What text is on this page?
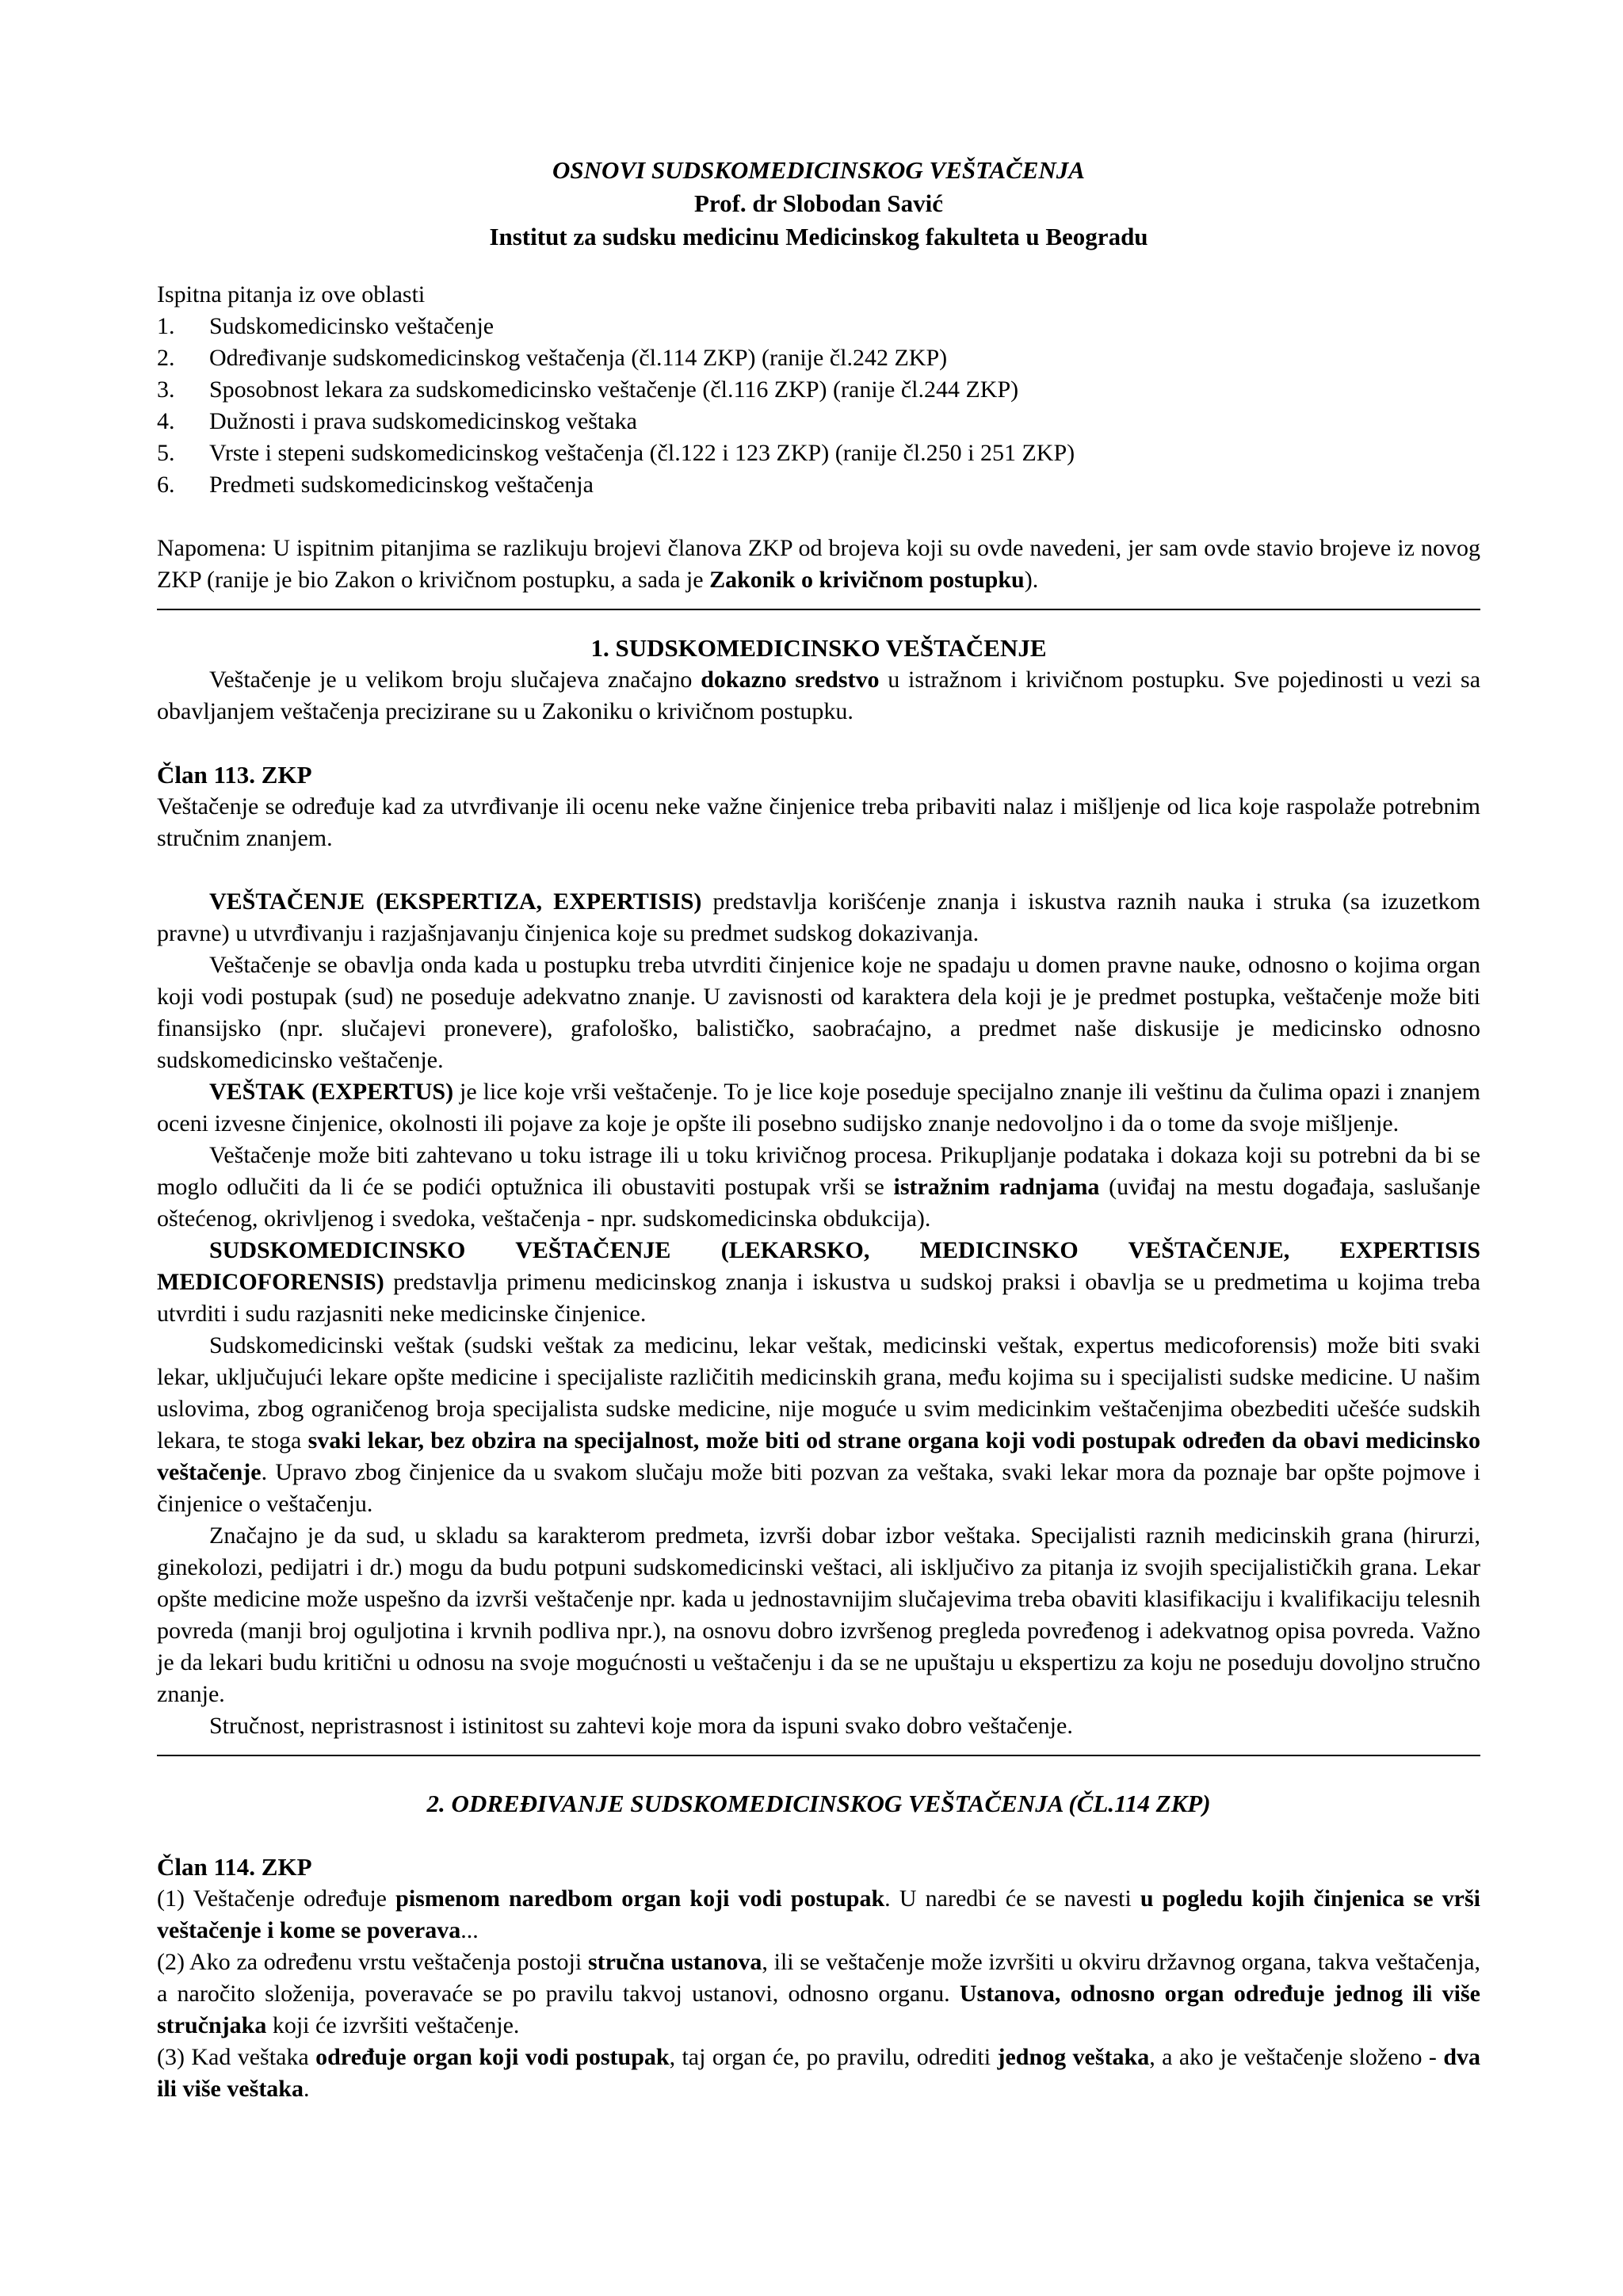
OSNOVI SUDSKOMEDICINSKOG VEŠTAČENJA
Prof. dr Slobodan Savić
Institut za sudsku medicinu Medicinskog fakulteta u Beogradu

Ispitna pitanja iz ove oblasti

1.	Sudskomedicinsko veštačenje
2.	Određivanje sudskomedicinskog veštačenja (čl.114 ZKP) (ranije čl.242 ZKP)
3.	Sposobnost lekara za sudskomedicinsko veštačenje (čl.116 ZKP) (ranije čl.244 ZKP)
4.	Dužnosti i prava sudskomedicinskog veštaka
5.	Vrste i stepeni sudskomedicinskog veštačenja (čl.122 i 123 ZKP) (ranije čl.250 i 251 ZKP)
6.	Predmeti sudskomedicinskog veštačenja

Napomena: U ispitnim pitanjima se razlikuju brojevi članova ZKP od brojeva koji su ovde navedeni, jer sam ovde stavio brojeve iz novog ZKP (ranije je bio Zakon o krivičnom postupku, a sada je Zakonik o krivičnom postupku).

1. SUDSKOMEDICINSKO VEŠTAČENJE

Veštačenje je u velikom broju slučajeva značajno dokazno sredstvo u istražnom i krivičnom postupku. Sve pojedinosti u vezi sa obavljanjem veštačenja precizirane su u Zakoniku o krivičnom postupku.

Član 113. ZKP

Veštačenje se određuje kad za utvrđivanje ili ocenu neke važne činjenice treba pribaviti nalaz i mišljenje od lica koje raspolaže potrebnim stručnim znanjem.

VEŠTAČENJE (EKSPERTIZA, EXPERTISIS) predstavlja korišćenje znanja i iskustva raznih nauka i struka (sa izuzetkom pravne) u utvrđivanju i razjašnjavanju činjenica koje su predmet sudskog dokazivanja.

Veštačenje se obavlja onda kada u postupku treba utvrditi činjenice koje ne spadaju u domen pravne nauke, odnosno o kojima organ koji vodi postupak (sud) ne poseduje adekvatno znanje. U zavisnosti od karaktera dela koji je je predmet postupka, veštačenje može biti finansijsko (npr. slučajevi pronevere), grafološko, balističko, saobraćajno, a predmet naše diskusije je medicinsko odnosno sudskomedicinsko veštačenje.

VEŠTAK (EXPERTUS) je lice koje vrši veštačenje. To je lice koje poseduje specijalno znanje ili veštinu da čulima opazi i znanjem oceni izvesne činjenice, okolnosti ili pojave za koje je opšte ili posebno sudijsko znanje nedovoljno i da o tome da svoje mišljenje.

Veštačenje može biti zahtevano u toku istrage ili u toku krivičnog procesa. Prikupljanje podataka i dokaza koji su potrebni da bi se moglo odlučiti da li će se podići optužnica ili obustaviti postupak vrši se istražnim radnjama (uviđaj na mestu događaja, saslušanje oštećenog, okrivljenog i svedoka, veštačenja - npr. sudskomedicinska obdukcija).

SUDSKOMEDICINSKO VEŠTAČENJE (LEKARSKO, MEDICINSKO VEŠTAČENJE, EXPERTISIS MEDICOFORENSIS) predstavlja primenu medicinskog znanja i iskustva u sudskoj praksi i obavlja se u predmetima u kojima treba utvrditi i sudu razjasniti neke medicinske činjenice.

Sudskomedicinski veštak (sudski veštak za medicinu, lekar veštak, medicinski veštak, expertus medicoforensis) može biti svaki lekar, uključujući lekare opšte medicine i specijaliste različitih medicinskih grana, među kojima su i specijalisti sudske medicine. U našim uslovima, zbog ograničenog broja specijalista sudske medicine, nije moguće u svim medicinkim veštačenjima obezbediti učešće sudskih lekara, te stoga svaki lekar, bez obzira na specijalnost, može biti od strane organa koji vodi postupak određen da obavi medicinsko veštačenje. Upravo zbog činjenice da u svakom slučaju može biti pozvan za veštaka, svaki lekar mora da poznaje bar opšte pojmove i činjenice o veštačenju.

Značajno je da sud, u skladu sa karakterom predmeta, izvrši dobar izbor veštaka. Specijalisti raznih medicinskih grana (hirurzi, ginekolozi, pedijatri i dr.) mogu da budu potpuni sudskomedicinski veštaci, ali isključivo za pitanja iz svojih specijalističkih grana. Lekar opšte medicine može uspešno da izvrši veštačenje npr. kada u jednostavnijim slučajevima treba obaviti klasifikaciju i kvalifikaciju telesnih povreda (manji broj oguljotina i krvnih podliva npr.), na osnovu dobro izvršenog pregleda povređenog i adekvatnog opisa povreda. Važno je da lekari budu kritični u odnosu na svoje mogućnosti u veštačenju i da se ne upuštaju u ekspertizu za koju ne poseduju dovoljno stručno znanje.

Stručnost, nepristrasnost i istinitost su zahtevi koje mora da ispuni svako dobro veštačenje.

2. ODREĐIVANJE SUDSKOMEDICINSKOG VEŠTAČENJA (ČL.114 ZKP)
Član 114. ZKP

(1) Veštačenje određuje pismenom naredbom organ koji vodi postupak. U naredbi će se navesti u pogledu kojih činjenica se vrši veštačenje i kome se poverava...

(2) Ako za određenu vrstu veštačenja postoji stručna ustanova, ili se veštačenje može izvršiti u okviru državnog organa, takva veštačenja, a naročito složenija, poveravaće se po pravilu takvoj ustanovi, odnosno organu. Ustanova, odnosno organ određuje jednog ili više stručnjaka koji će izvršiti veštačenje.

(3) Kad veštaka određuje organ koji vodi postupak, taj organ će, po pravilu, odrediti jednog veštaka, a ako je veštačenje složeno - dva ili više veštaka.
